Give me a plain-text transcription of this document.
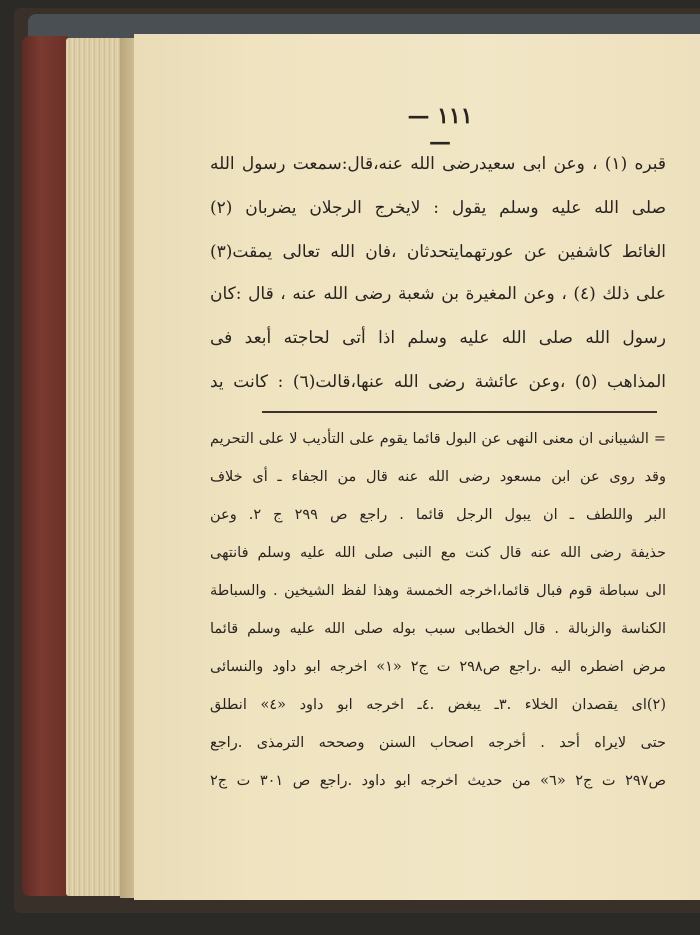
— ١١١ —
قبره (١) ، وعن ابى سعيدرضى الله عنه،قال:سمعت رسول الله
صلى الله عليه وسلم يقول : لايخرج الرجلان يضربان (٢)
الغائط كاشفين عن عورتهمايتحدثان ،فان الله تعالى يمقت(٣)
على ذلك (٤) ، وعن المغيرة بن شعبة رضى الله عنه ، قال :كان
رسول الله صلى الله عليه وسلم اذا أتى لحاجته أبعد فى
المذاهب (٥) ،وعن عائشة رضى الله عنها،قالت(٦) : كانت يد
= الشيبانى ان معنى النهى عن البول قائما يقوم على التأديب لا على التحريم
وقد روى عن ابن مسعود رضى الله عنه قال من الجفاء ـ أى خلاف
البر واللطف ـ ان يبول الرجل قائما . راجع ص ٢٩٩ ج ٢. وعن
حذيفة رضى الله عنه قال كنت مع النبى صلى الله عليه وسلم فانتهى
الى سباطة قوم فبال قائما،اخرجه الخمسة وهذا لفظ الشيخين . والسباطة
الكناسة والزبالة . قال الخطابى سبب بوله صلى الله عليه وسلم قائما
مرض اضطره اليه .راجع ص٢٩٨ ت ج٢ «١» اخرجه ابو داود والنسائى
(٢)اى يقصدان الخلاء .٣ـ يبغض .٤ـ اخرجه ابو داود «٤» انطلق
حتى لايراه أحد . أخرجه اصحاب السنن وصححه الترمذى .راجع
ص٢٩٧ ت ج٢ «٦» من حديث اخرجه ابو داود .راجع ص ٣٠١ ت ج٢
